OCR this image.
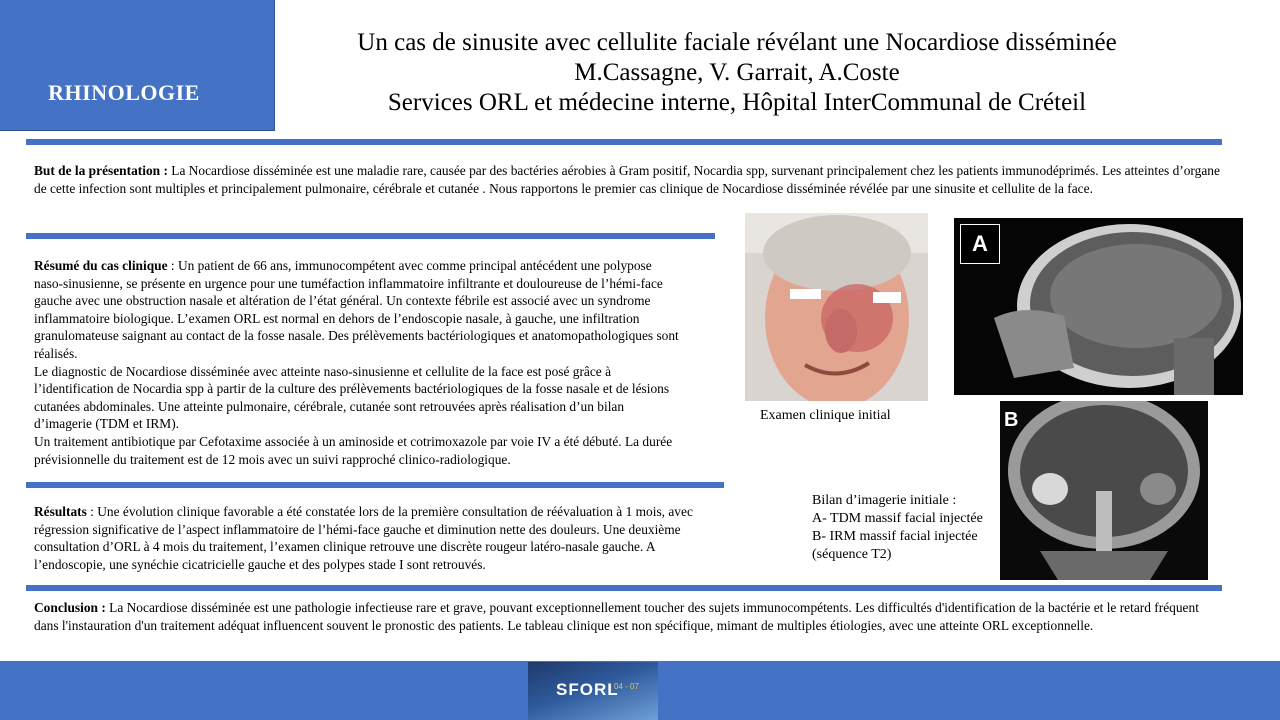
RHINOLOGIE
Un cas de sinusite avec cellulite faciale révélant une Nocardiose disséminée
M.Cassagne, V. Garrait, A.Coste
Services ORL et médecine interne, Hôpital InterCommunal de Créteil
But de la présentation : La Nocardiose disséminée est une maladie rare, causée par des bactéries aérobies à Gram positif, Nocardia spp, survenant principalement chez les patients immunodéprimés. Les atteintes d’organe de cette infection sont multiples et principalement pulmonaire, cérébrale et cutanée . Nous rapportons le premier cas clinique de Nocardiose disséminée révélée par une sinusite et cellulite de la face.
Résumé du cas clinique : Un patient de 66 ans, immunocompétent avec comme principal antécédent une polypose naso-sinusienne, se présente en urgence pour une tuméfaction inflammatoire infiltrante et douloureuse de l’hémi-face gauche avec une obstruction nasale et altération de l’état général. Un contexte fébrile est associé avec un syndrome inflammatoire biologique. L’examen ORL est normal en dehors de l’endoscopie nasale, à gauche, une infiltration granulomateuse saignant au contact de la fosse nasale. Des prélèvements bactériologiques et anatomopathologiques sont réalisés.
Le diagnostic de Nocardiose disséminée avec atteinte naso-sinusienne et cellulite de la face est posé grâce à l’identification de Nocardia spp à partir de la culture des prélèvements bactériologiques de la fosse nasale et de lésions cutanées abdominales. Une atteinte pulmonaire, cérébrale, cutanée sont retrouvées après réalisation d’un bilan d’imagerie (TDM et IRM).
Un traitement antibiotique par Cefotaxime associée à un aminoside et cotrimoxazole par voie IV a été débuté. La durée prévisionnelle du traitement est de 12 mois avec un suivi rapproché clinico-radiologique.
Résultats : Une évolution clinique favorable a été constatée lors de la première consultation de réévaluation à 1 mois, avec régression significative de l’aspect inflammatoire de l’hémi-face gauche et diminution nette des douleurs. Une deuxième consultation d’ORL à 4 mois du traitement, l’examen clinique retrouve une discrète rougeur latéro-nasale gauche. A l’endoscopie, une synéchie cicatricielle gauche et des polypes stade I sont retrouvés.
Conclusion : La Nocardiose disséminée est une pathologie infectieuse rare et grave, pouvant exceptionnellement toucher des sujets immunocompétents. Les difficultés d'identification de la bactérie et le retard fréquent dans l'instauration d'un traitement adéquat influencent souvent le pronostic des patients. Le tableau clinique est non spécifique, mimant de multiples étiologies, avec une atteinte ORL exceptionnelle.
Examen clinique initial
A
B
Bilan d’imagerie initiale :
A- TDM massif facial injectée
B- IRM massif facial injectée
(séquence T2)
SFORL
04 - 07
